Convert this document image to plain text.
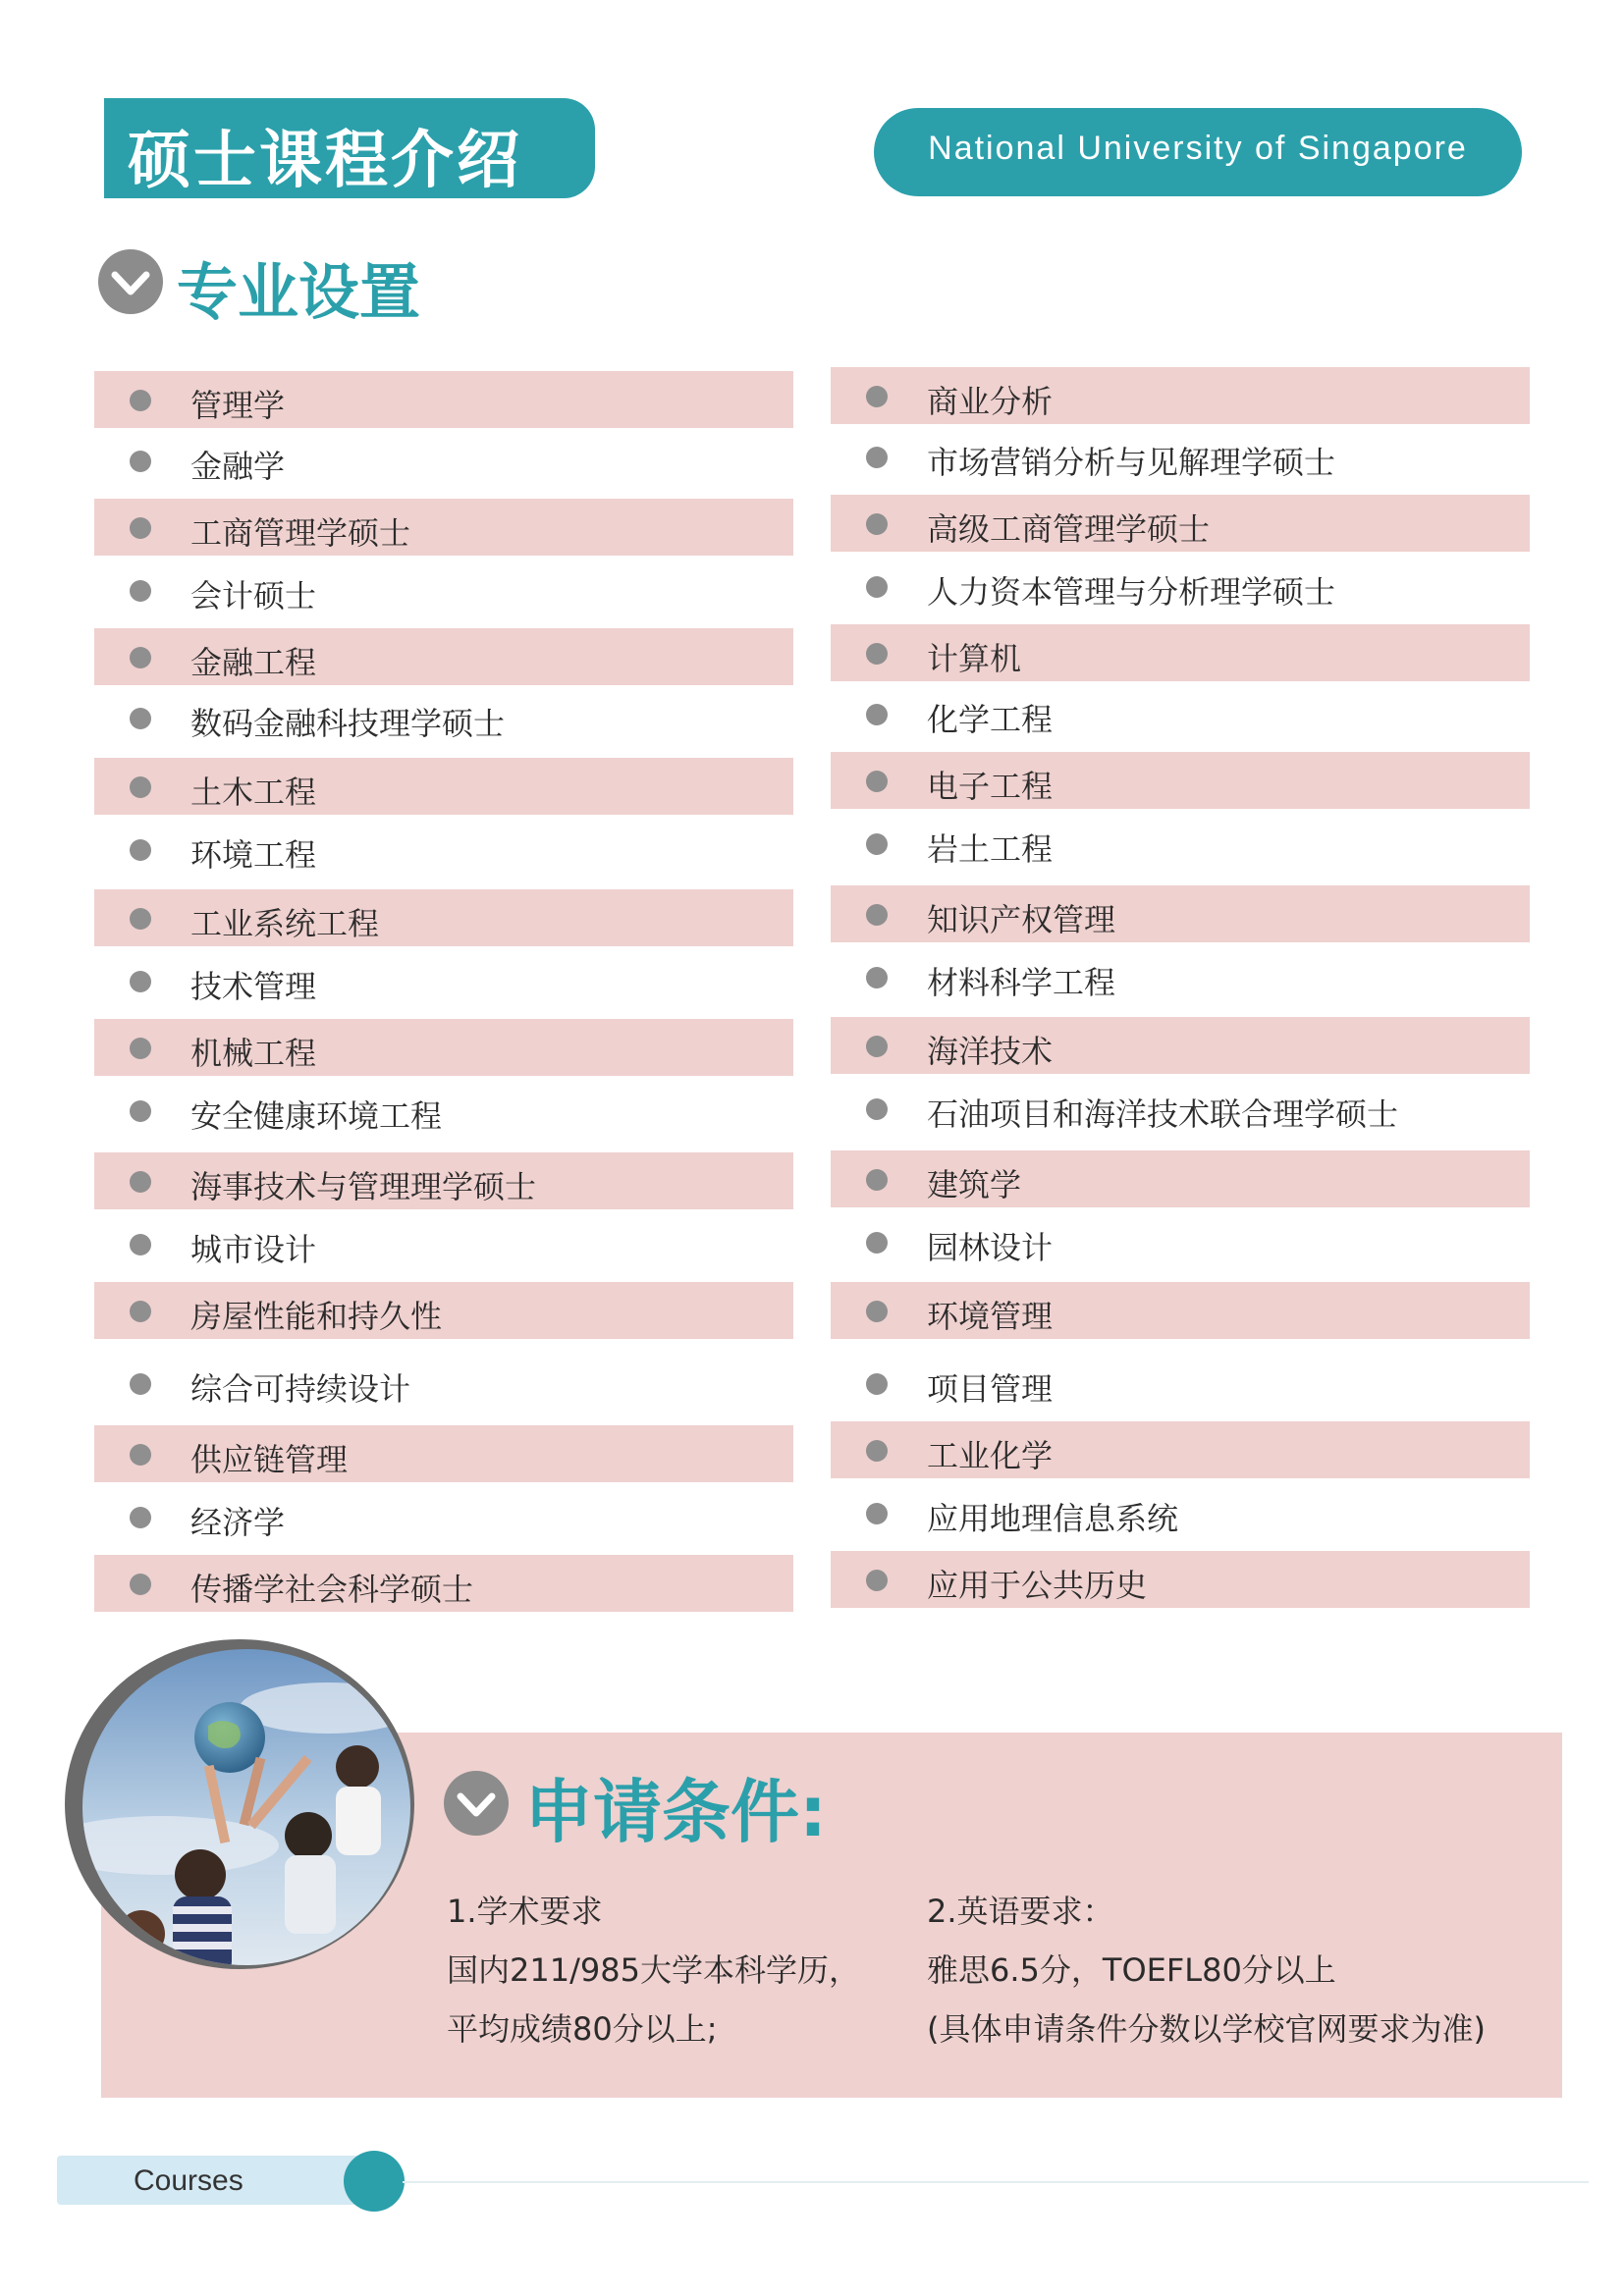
硕士课程介绍	National University of Singapore
专业设置
管理学
金融学
工商管理学硕士
会计硕士
金融工程
数码金融科技理学硕士
土木工程
环境工程
工业系统工程
技术管理
机械工程
安全健康环境工程
海事技术与管理理学硕士
城市设计
房屋性能和持久性
综合可持续设计
供应链管理
经济学
传播学社会科学硕士
商业分析
市场营销分析与见解理学硕士
高级工商管理学硕士
人力资本管理与分析理学硕士
计算机
化学工程
电子工程
岩土工程
知识产权管理
材料科学工程
海洋技术
石油项目和海洋技术联合理学硕士
建筑学
园林设计
环境管理
项目管理
工业化学
应用地理信息系统
应用于公共历史
申请条件:
1.学术要求
国内211/985大学本科学历，
平均成绩80分以上;
2.英语要求：
雅思6.5分，TOEFL80分以上
(具体申请条件分数以学校官网要求为准)
Courses
